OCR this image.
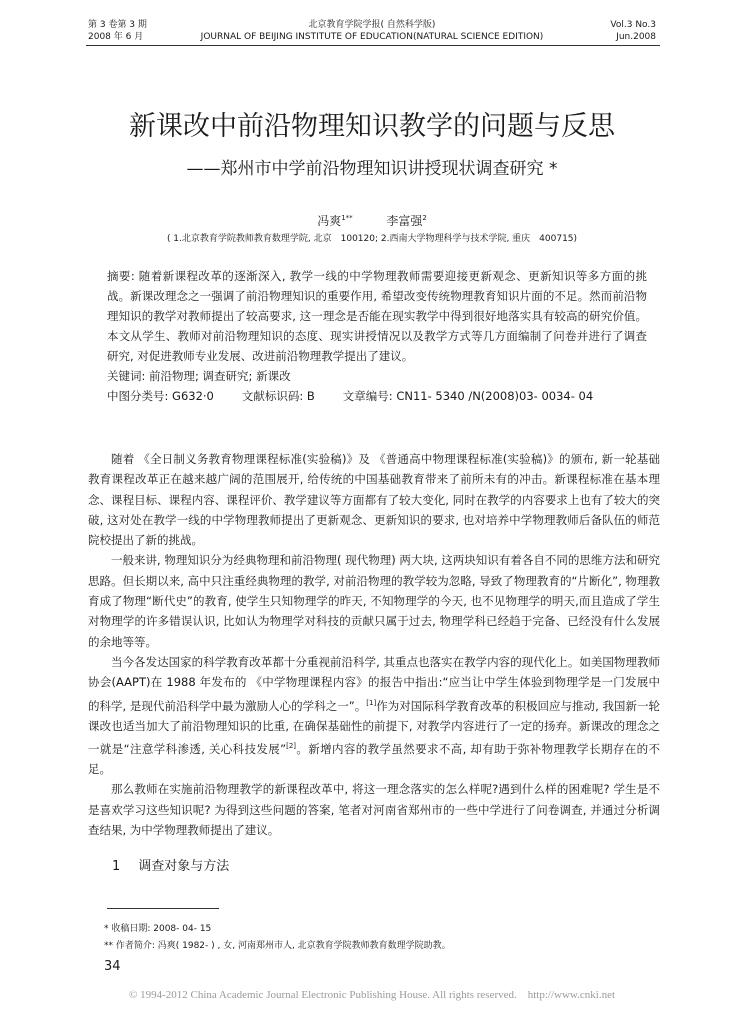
第 3 卷第 3 期
2008 年 6 月
北京教育学院学报( 自然科学版)
JOURNAL OF BEIJING INSTITUTE OF EDUCATION(NATURAL SCIENCE EDITION)
Vol.3 No.3
Jun.2008
新课改中前沿物理知识教学的问题与反思
——郑州市中学前沿物理知识讲授现状调查研究 *
冯爽$^{1**}$	李富强$^2$
( 1.北京教育学院教师教育数理学院, 北京　100120; 2.西南大学物理科学与技术学院, 重庆　400715)

摘要: 随着新课程改革的逐渐深入, 教学一线的中学物理教师需要迎接更新观念、更新知识等多方面的挑战。新课改理念之一强调了前沿物理知识的重要作用, 希望改变传统物理教育知识片面的不足。然而前沿物理知识的教学对教师提出了较高要求, 这一理念是否能在现实教学中得到很好地落实具有较高的研究价值。本文从学生、教师对前沿物理知识的态度、现实讲授情况以及教学方式等几方面编制了问卷并进行了调查研究, 对促进教师专业发展、改进前沿物理教学提出了建议。

关键词: 前沿物理; 调查研究; 新课改

中图分类号: G632·0 文献标识码: B 文章编号: CN11- 5340 /N(2008)03- 0034- 04

随着 《全日制义务教育物理课程标准(实验稿)》及 《普通高中物理课程标准(实验稿)》的颁布, 新一轮基础教育课程改革正在越来越广阔的范围展开, 给传统的中国基础教育带来了前所未有的冲击。新课程标准在基本理念、课程目标、课程内容、课程评价、教学建议等方面都有了较大变化, 同时在教学的内容要求上也有了较大的突破, 这对处在教学一线的中学物理教师提出了更新观念、更新知识的要求, 也对培养中学物理教师后备队伍的师范院校提出了新的挑战。

一般来讲, 物理知识分为经典物理和前沿物理( 现代物理) 两大块, 这两块知识有着各自不同的思维方法和研究思路。但长期以来, 高中只注重经典物理的教学, 对前沿物理的教学较为忽略, 导致了物理教育的“片断化”, 物理教育成了物理“断代史”的教育, 使学生只知物理学的昨天, 不知物理学的今天, 也不见物理学的明天,而且造成了学生对物理学的许多错误认识, 比如认为物理学对科技的贡献只属于过去, 物理学科已经趋于完备、已经没有什么发展的余地等等。

当今各发达国家的科学教育改革都十分重视前沿科学, 其重点也落实在教学内容的现代化上。如美国物理教师协会(AAPT)在 1988 年发布的 《中学物理课程内容》的报告中指出:“应当让中学生体验到物理学是一门发展中的科学, 是现代前沿科学中最为激励人心的学科之一”。[1]作为对国际科学教育改革的积极回应与推动, 我国新一轮课改也适当加大了前沿物理知识的比重, 在确保基础性的前提下, 对教学内容进行了一定的扬弃。新课改的理念之一就是“注意学科渗透, 关心科技发展”[2]。新增内容的教学虽然要求不高, 却有助于弥补物理教学长期存在的不足。

那么教师在实施前沿物理教学的新课程改革中, 将这一理念落实的怎么样呢?遇到什么样的困难呢? 学生是不是喜欢学习这些知识呢? 为得到这些问题的答案, 笔者对河南省郑州市的一些中学进行了问卷调查, 并通过分析调查结果, 为中学物理教师提出了建议。

1 调查对象与方法
* 收稿日期: 2008- 04- 15
** 作者简介: 冯爽( 1982- ) , 女, 河南郑州市人, 北京教育学院教师教育数理学院助教。
34
© 1994-2012 China Academic Journal Electronic Publishing House. All rights reserved.　http://www.cnki.net
